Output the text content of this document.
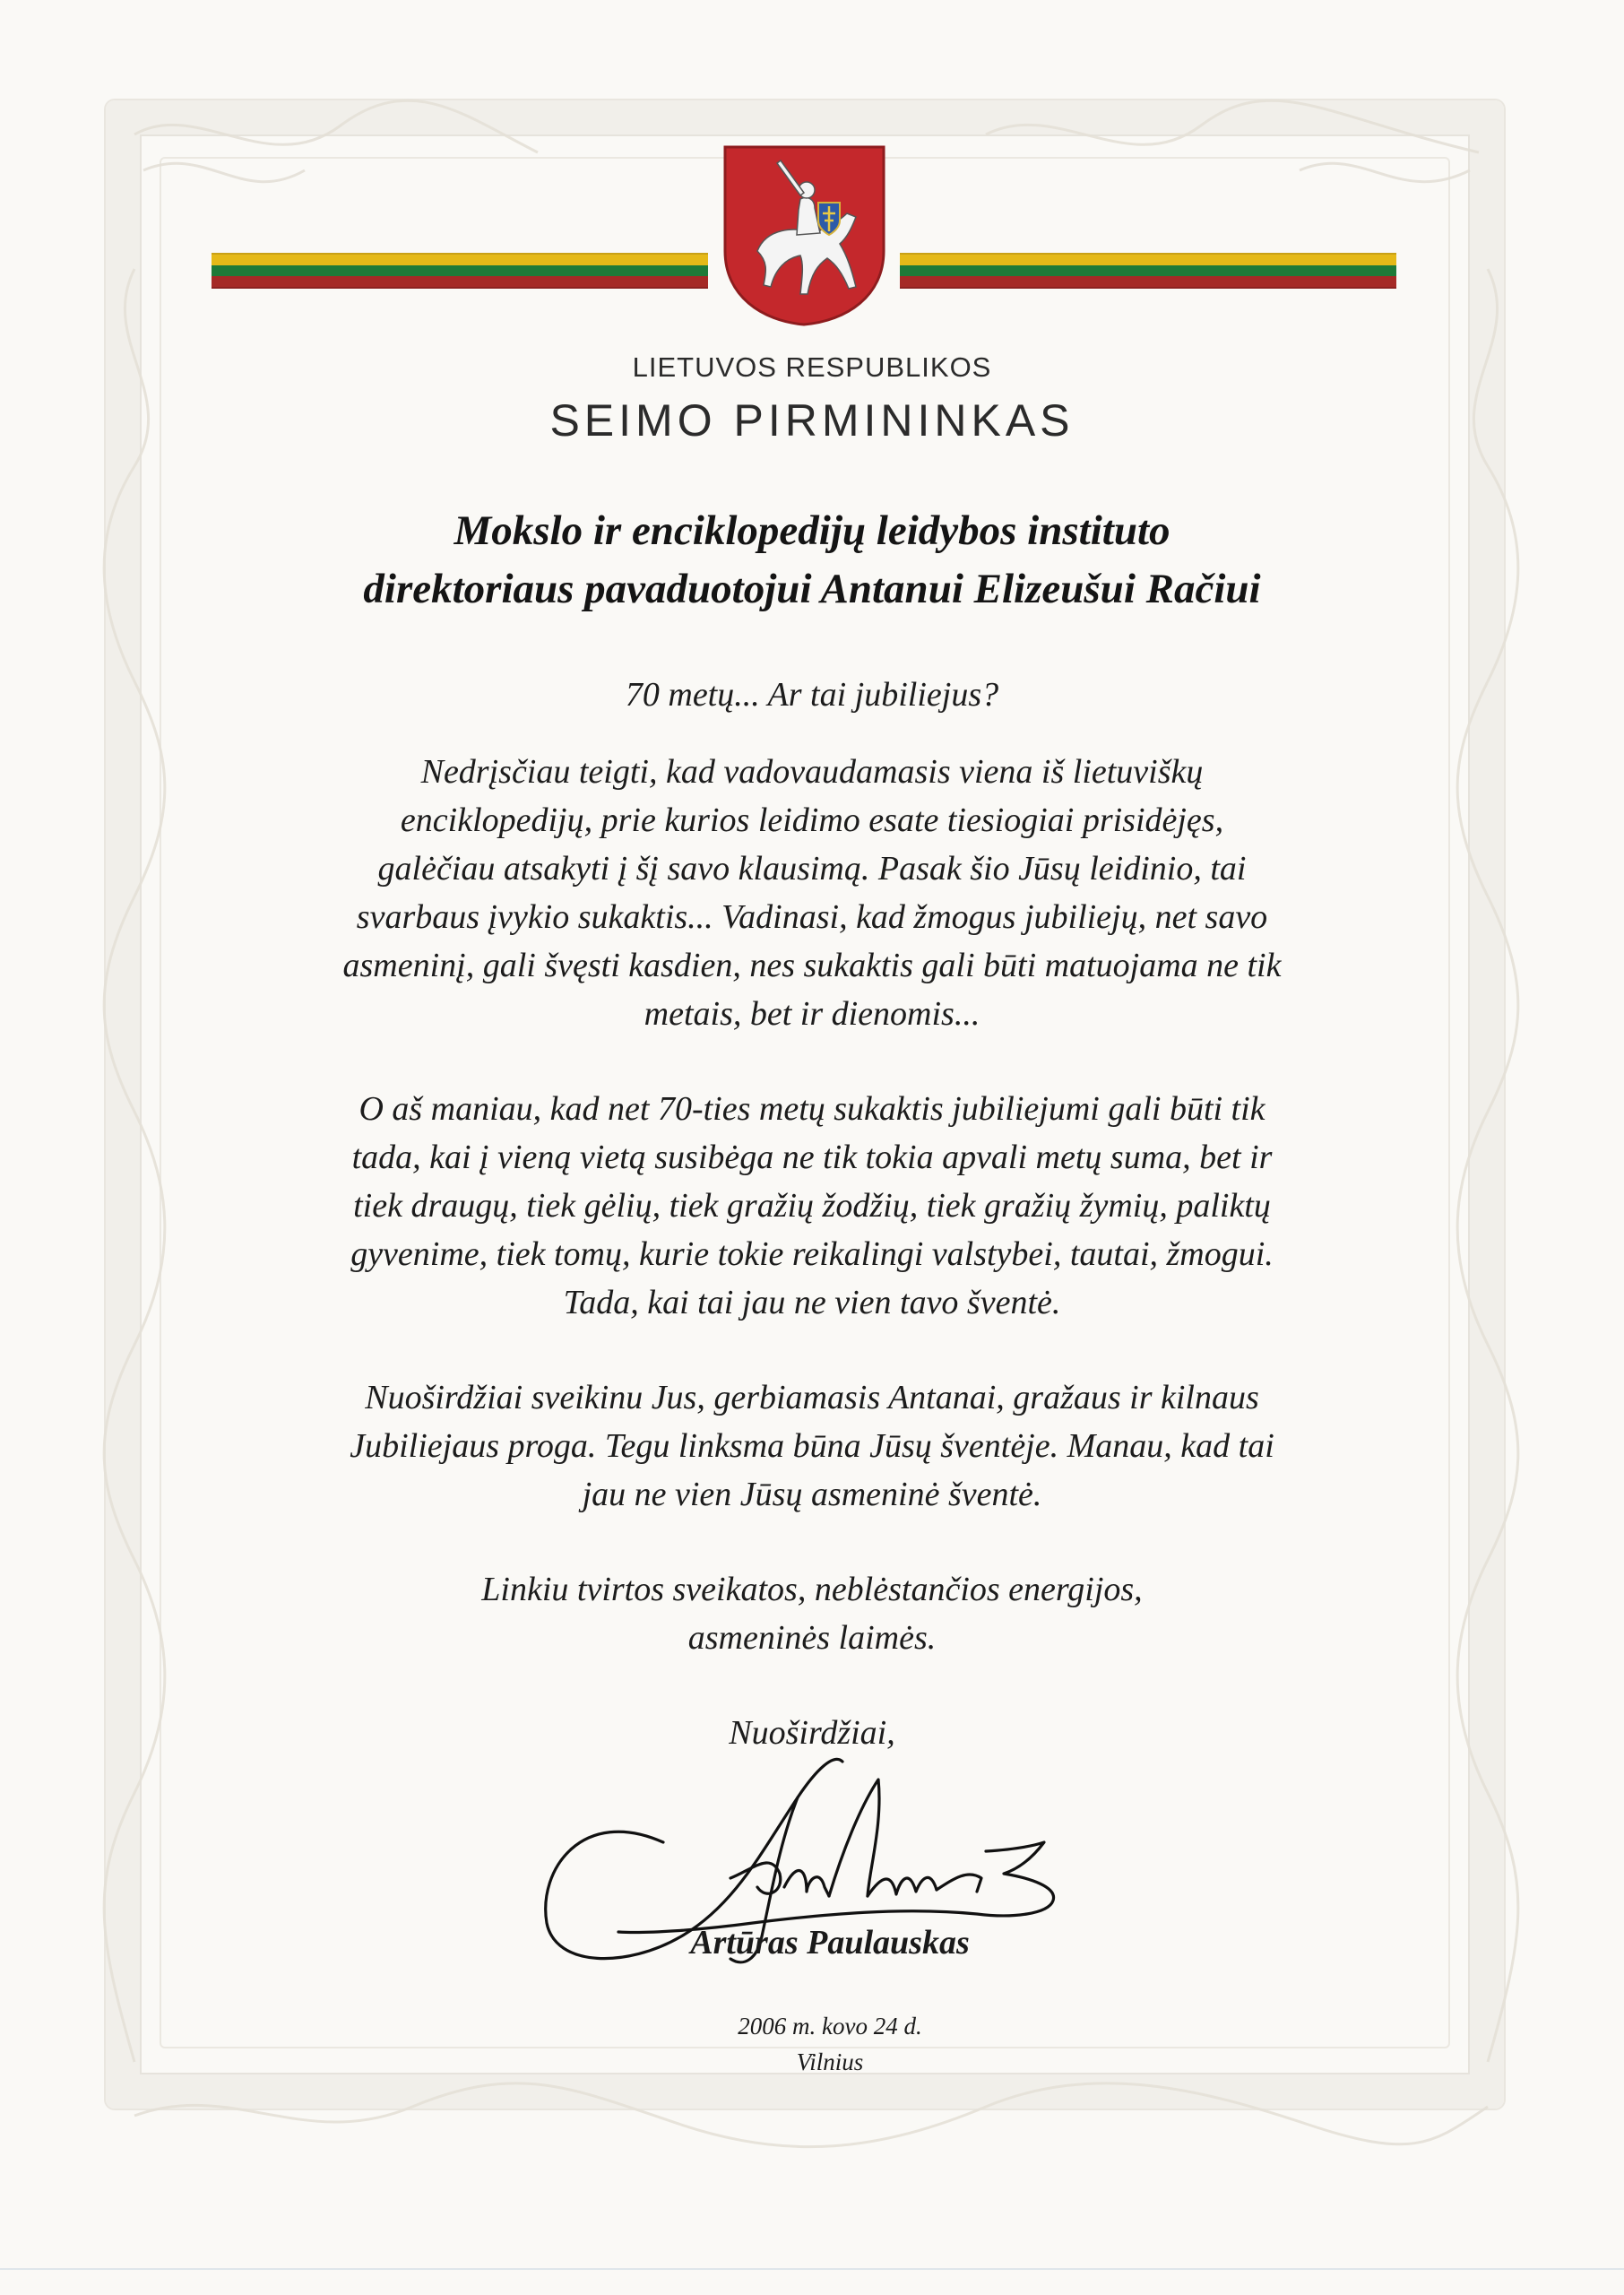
LIETUVOS RESPUBLIKOS
SEIMO PIRMININKAS
Mokslo ir enciklopedijų leidybos instituto
direktoriaus pavaduotojui Antanui Elizeušui Račiui
70 metų... Ar tai jubiliejus?
Nedrįsčiau teigti, kad vadovaudamasis viena iš lietuviškų
enciklopedijų, prie kurios leidimo esate tiesiogiai prisidėjęs,
galėčiau atsakyti į šį savo klausimą. Pasak šio Jūsų leidinio, tai
svarbaus įvykio sukaktis... Vadinasi, kad žmogus jubiliejų, net savo
asmeninį, gali švęsti kasdien, nes sukaktis gali būti matuojama ne tik
metais, bet ir dienomis...
O aš maniau, kad net 70-ties metų sukaktis jubiliejumi gali būti tik
tada, kai į vieną vietą susibėga ne tik tokia apvali metų suma, bet ir
tiek draugų, tiek gėlių, tiek gražių žodžių, tiek gražių žymių, paliktų
gyvenime, tiek tomų, kurie tokie reikalingi valstybei, tautai, žmogui.
Tada, kai tai jau ne vien tavo šventė.
Nuoširdžiai sveikinu Jus, gerbiamasis Antanai, gražaus ir kilnaus
Jubiliejaus proga. Tegu linksma būna Jūsų šventėje. Manau, kad tai
jau ne vien Jūsų asmeninė šventė.
Linkiu tvirtos sveikatos, neblėstančios energijos,
asmeninės laimės.
Nuoširdžiai,
Artūras Paulauskas
2006 m. kovo 24 d.
Vilnius
